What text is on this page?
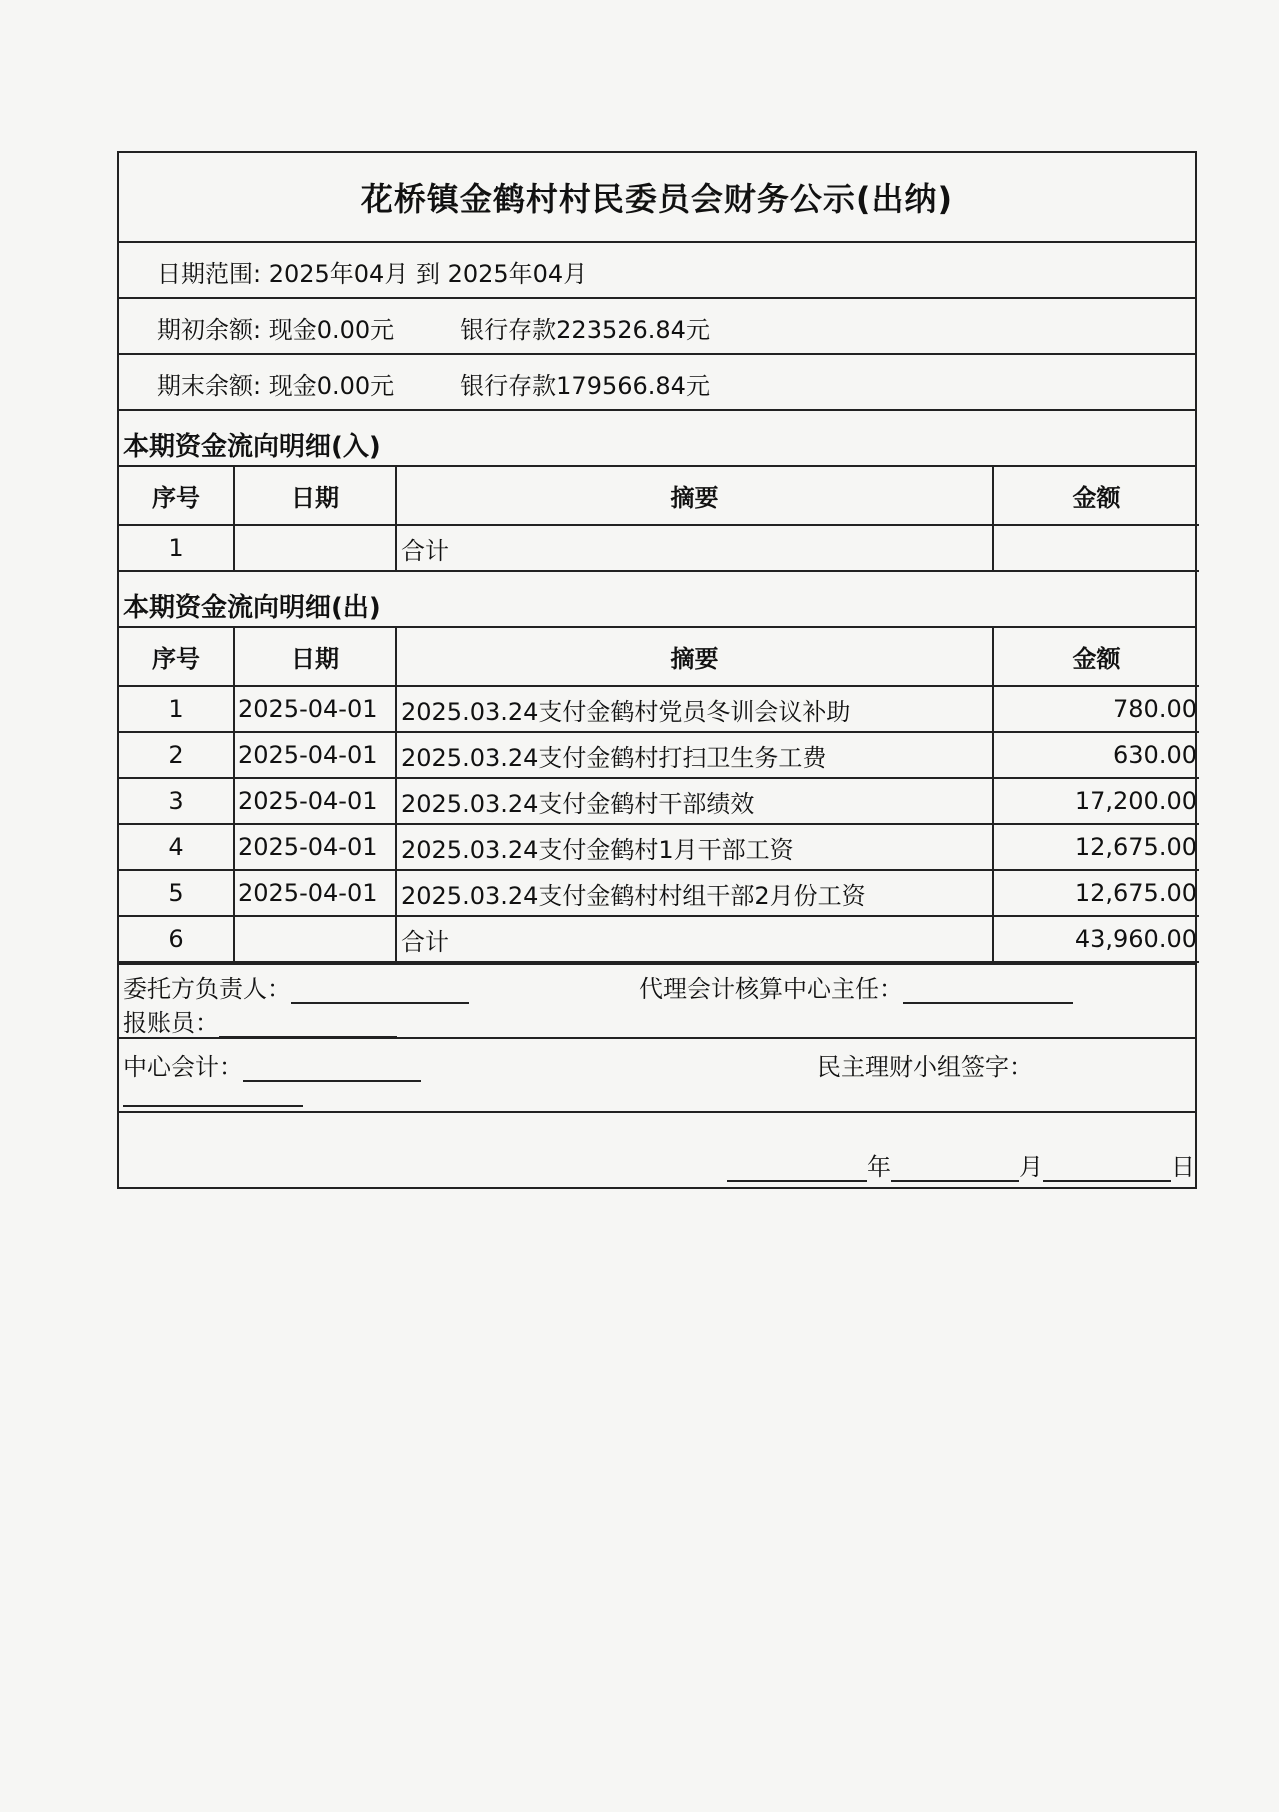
花桥镇金鹤村村民委员会财务公示(出纳)
日期范围: 2025年04月 到 2025年04月
期初余额: 现金0.00元	银行存款223526.84元
期末余额: 现金0.00元	银行存款179566.84元
本期资金流向明细(入)
序号	日期	摘要	金额
1		合计	
本期资金流向明细(出)
序号	日期	摘要	金额
1	2025-04-01	2025.03.24支付金鹤村党员冬训会议补助	780.00
2	2025-04-01	2025.03.24支付金鹤村打扫卫生务工费	630.00
3	2025-04-01	2025.03.24支付金鹤村干部绩效	17,200.00
4	2025-04-01	2025.03.24支付金鹤村1月干部工资	12,675.00
5	2025-04-01	2025.03.24支付金鹤村村组干部2月份工资	12,675.00
6		合计	43,960.00
委托方负责人：	代理会计核算中心主任：
报账员：
中心会计：	民主理财小组签字：
年	月	日
